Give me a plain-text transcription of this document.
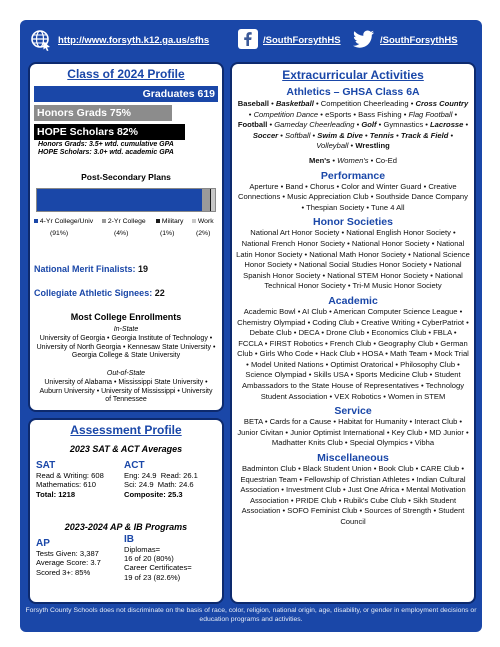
http://www.forsyth.k12.ga.us/sfhs	/SouthForsythHS	/SouthForsythHS
Class of 2024 Profile
Graduates 619
Honors Grads 75%
HOPE Scholars 82%
Honors Grads: 3.5+ wtd. cumulative GPA
HOPE Scholars: 3.0+ wtd. academic GPA
Post-Secondary Plans
4-Yr College/Univ	2-Yr College	Military	Work
(91%)	(4%)	(1%)	(2%)
National Merit Finalists: 19
Collegiate Athletic Signees: 22
Most College Enrollments
In-State
University of Georgia • Georgia Institute of Technology • University of North Georgia • Kennesaw State University • Georgia College & State University
Out-of-State
University of Alabama • Mississippi State University • Auburn University • University of Mississippi • University of Tennessee
Assessment Profile
2023 SAT & ACT Averages
SAT
Read & Writing: 608
Mathematics: 610
Total: 1218
ACT
Eng: 24.9  Read: 26.1
Sci: 24.9  Math: 24.6
Composite: 25.3
2023-2024 AP & IB Programs
AP
Tests Given: 3,387
Average Score: 3.7
Scored 3+: 85%
IB
Diplomas=
16 of 20 (80%)
Career Certificates=
19 of 23 (82.6%)
Extracurricular Activities
Athletics – GHSA Class 6A
Baseball • Basketball • Competition Cheerleading • Cross Country • Competition Dance • eSports • Bass Fishing • Flag Football • Football • Gameday Cheerleading • Golf • Gymnastics • Lacrosse • Soccer • Softball • Swim & Dive • Tennis • Track & Field • Volleyball • Wrestling
Men's • Women's • Co-Ed
Performance
Aperture • Band • Chorus • Color and Winter Guard • Creative Connections • Music Appreciation Club • Southside Dance Company • Thespian Society • Tune 4 All
Honor Societies
National Art Honor Society • National English Honor Society • National French Honor Society • National Honor Society • National Latin Honor Society • National Math Honor Society • National Science Honor Society • National Social Studies Honor Society • National Spanish Honor Society • National STEM Honor Society • National Technical Honor Society • Tri-M Music Honor Society
Academic
Academic Bowl • AI Club • American Computer Science League • Chemistry Olympiad • Coding Club • Creative Writing • CyberPatriot • Debate Club • DECA • Drone Club • Economics Club • FBLA • FCCLA • FIRST Robotics • French Club • Geography Club • German Club • Girls Who Code • Hack Club • HOSA • Math Team • Mock Trial • Model United Nations • Optimist Oratorical • Philosophy Club • Science Olympiad • Skills USA • Sports Medicine Club • Student Ambassadors to the State House of Representatives • Technology Student Association • VEX Robotics • Women in STEM
Service
BETA • Cards for a Cause • Habitat for Humanity • Interact Club • Junior Civitan • Junior Optimist International • Key Club • MD Junior • Madhatter Knits Club • Special Olympics • Vibha
Miscellaneous
Badminton Club • Black Student Union • Book Club • CARE Club • Equestrian Team • Fellowship of Christian Athletes • Indian Cultural Association • Investment Club • Just One Africa • Mental Motivation Association • PRIDE Club • Rubik's Cube Club • Sikh Student Association • SOFO Feminist Club • Sources of Strength • Student Council
Forsyth County Schools does not discriminate on the basis of race, color, religion, national origin, age, disability, or gender in employment decisions or education programs and activities.
